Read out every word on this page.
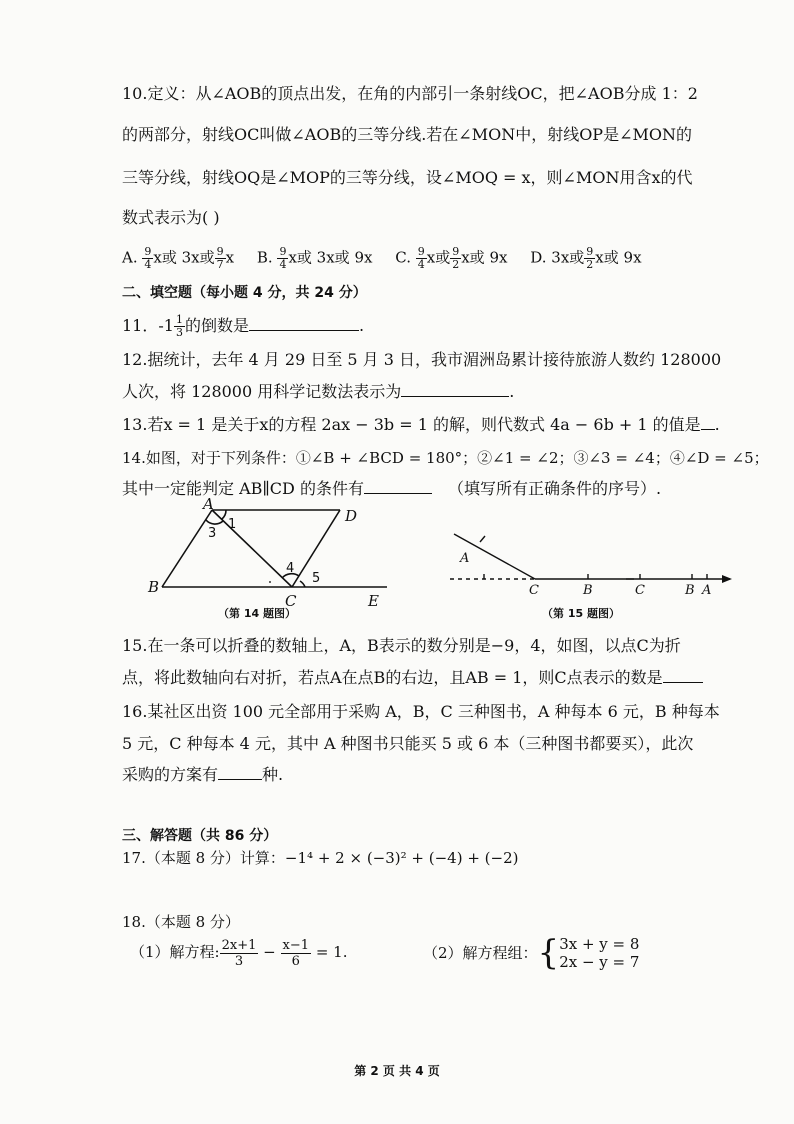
10.定义：从∠AOB的顶点出发，在角的内部引一条射线OC，把∠AOB分成 1：2
的两部分，射线OC叫做∠AOB的三等分线.若在∠MON中，射线OP是∠MON的
三等分线，射线OQ是∠MOP的三等分线，设∠MOQ = x，则∠MON用含x的代
数式表示为( )
A. $\frac{9}{4}$ x或 3x或 $\frac{9}{7}$ x B. $\frac{9}{4}$ x或 3x或 9x C. $\frac{9}{4}$ x或 $\frac{9}{2}$ x或 9x D. 3x或 $\frac{9}{2}$ x或 9x
二、填空题（每小题 4 分，共 24 分）
11．$-1 \frac{1}{3}$ 的倒数是	.
12.据统计，去年 4 月 29 日至 5 月 3 日，我市湄洲岛累计接待旅游人数约 128000
人次，将 128000 用科学记数法表示为	.
13.若x = 1 是关于x的方程 2ax − 3b = 1 的解，则代数式 4a − 6b + 1 的值是 .
14.如图，对于下列条件：①∠B + ∠BCD = 180°；②∠1 = ∠2；③∠3 = ∠4；④∠D = ∠5；
其中一定能判定 AB∥CD 的条件有	（填写所有正确条件的序号）.
A
D
B
C	E
1
3
4
5
（第 14 题图）
A
C	B	C	B A
（第 15 题图）
15.在一条可以折叠的数轴上，A，B表示的数分别是−9，4，如图，以点C为折
点，将此数轴向右对折，若点A在点B的右边，且AB = 1，则C点表示的数是
16.某社区出资 100 元全部用于采购 A，B，C 三种图书，A 种每本 6 元，B 种每本
5 元，C 种每本 4 元，其中 A 种图书只能买 5 或 6 本（三种图书都要买），此次
采购的方案有	种.
三、解答题（共 86 分）
17.（本题 8 分）计算：−1⁴ + 2 × (−3)² + (−4) + (−2)
18.（本题 8 分）
（1）解方程: $\frac{2x+1}{3} - \frac{x-1}{6} = 1$.	（2）解方程组：{ 3x + y = 8
2x − y = 7
第 2 页 共 4 页
